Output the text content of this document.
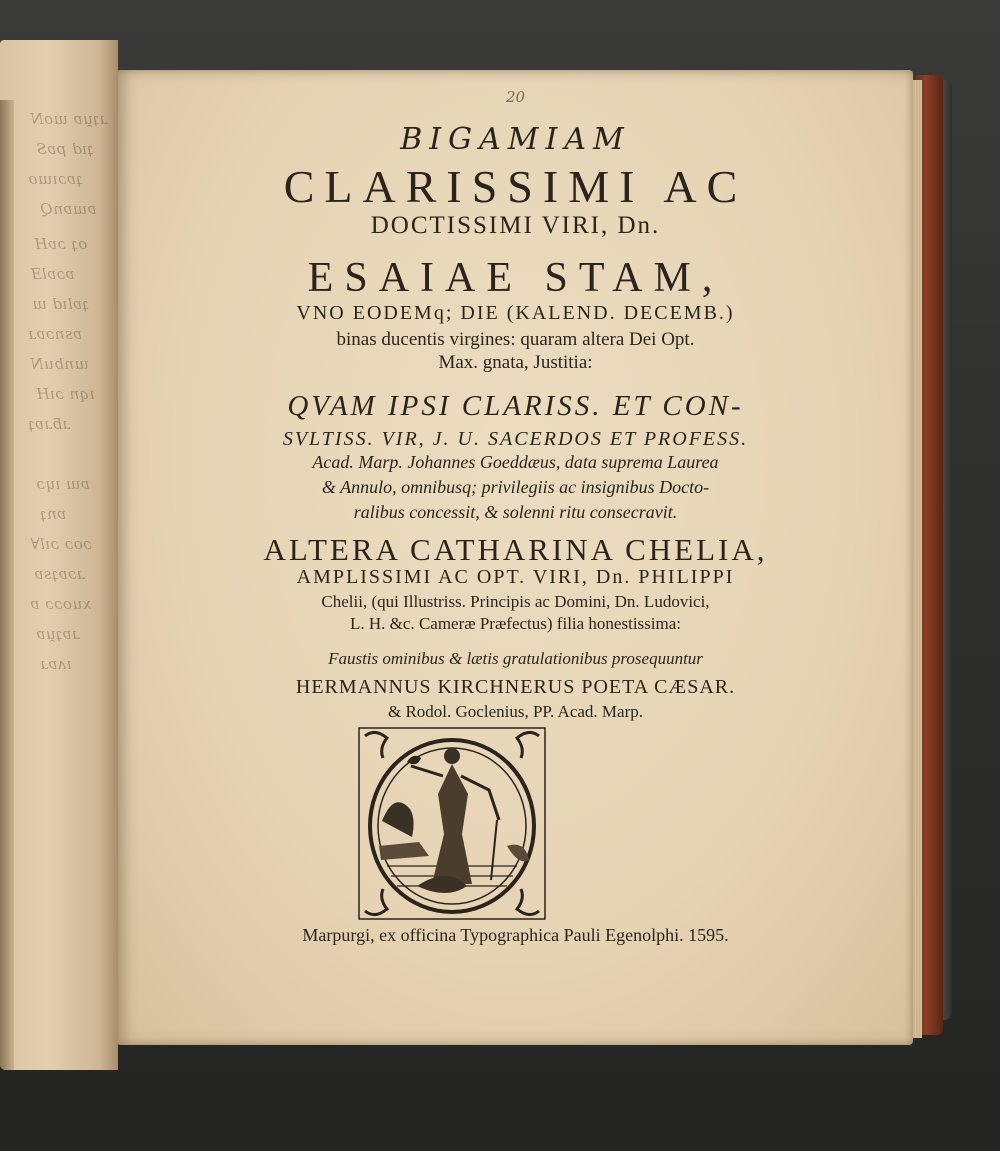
ɹʇu̯ɐ ɯoN
ʇıd pɐS
ʇɐɔıɯo
ɐɯɐnQ
oʇ ɔɐH
ɐɔɐlƎ
ʇɐlıd ɯ
ɐsnɔɐɹ
ɯnbuN
ıqn ɔıH
ɹƃɹɐʇ
ɐɯ ıɥɔ
ɐnʇ
ɔoɔ ɔıl∀
ɹɔɐʇsɐ
xuoɔɔ ɐ
ɹɐʇu̯ɐ
ıʌɐɹ
20
BIGAMIAM
CLARISSIMI AC
DOCTISSIMI VIRI, Dn.
ESAIAE STAM,
VNO EODEMq; DIE (KALEND. DECEMB.)
binas ducentis virgines: quaram altera Dei Opt.
Max. gnata, Justitia:
QVAM IPSI CLARISS. ET CON-
SVLTISS. VIR, J. U. SACERDOS ET PROFESS.
Acad. Marp. Johannes Goeddæus, data suprema Laurea
& Annulo, omnibusq; privilegiis ac insignibus Docto-
ralibus concessit, & solenni ritu consecravit.
ALTERA CATHARINA CHELIA,
AMPLISSIMI AC OPT. VIRI, Dn. PHILIPPI
Chelii, (qui Illustriss. Principis ac Domini, Dn. Ludovici,
L. H. &c. Cameræ Præfectus) filia honestissima:
Faustis ominibus & lætis gratulationibus prosequuntur
HERMANNUS KIRCHNERUS POETA CÆSAR.
& Rodol. Goclenius, PP. Acad. Marp.
Marpurgi, ex officina Typographica Pauli Egenolphi. 1595.
